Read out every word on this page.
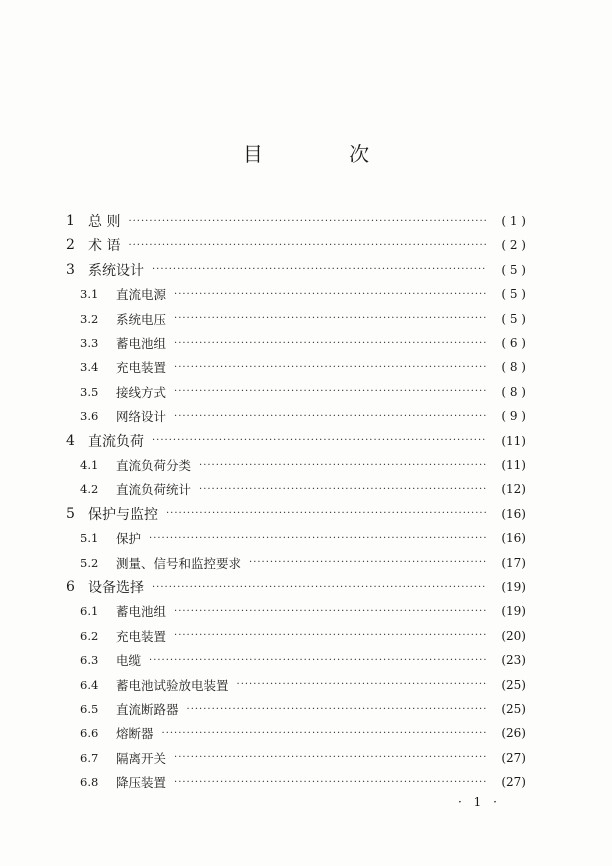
目 次
1 总 则 ·····	( 1 )
2 术 语 ·····	( 2 )
3 系统设计 ·····	( 5 )
3.1	直流电源 ·····	( 5 )
3.2	系统电压 ·····	( 5 )
3.3	蓄电池组 ·····	( 6 )
3.4	充电装置 ·····	( 8 )
3.5	接线方式 ·····	( 8 )
3.6	网络设计 ·····	( 9 )
4 直流负荷 ·····	(11)
4.1	直流负荷分类 ·····	(11)
4.2	直流负荷统计 ·····	(12)
5 保护与监控 ·····	(16)
5.1	保护 ·····	(16)
5.2	测量、信号和监控要求 ·····	(17)
6 设备选择 ·····	(19)
6.1	蓄电池组 ·····	(19)
6.2	充电装置 ·····	(20)
6.3	电缆 ·····	(23)
6.4	蓄电池试验放电装置 ·····	(25)
6.5	直流断路器 ·····	(25)
6.6	熔断器 ·····	(26)
6.7	隔离开关 ·····	(27)
6.8	降压装置 ·····	(27)
· 1 ·
